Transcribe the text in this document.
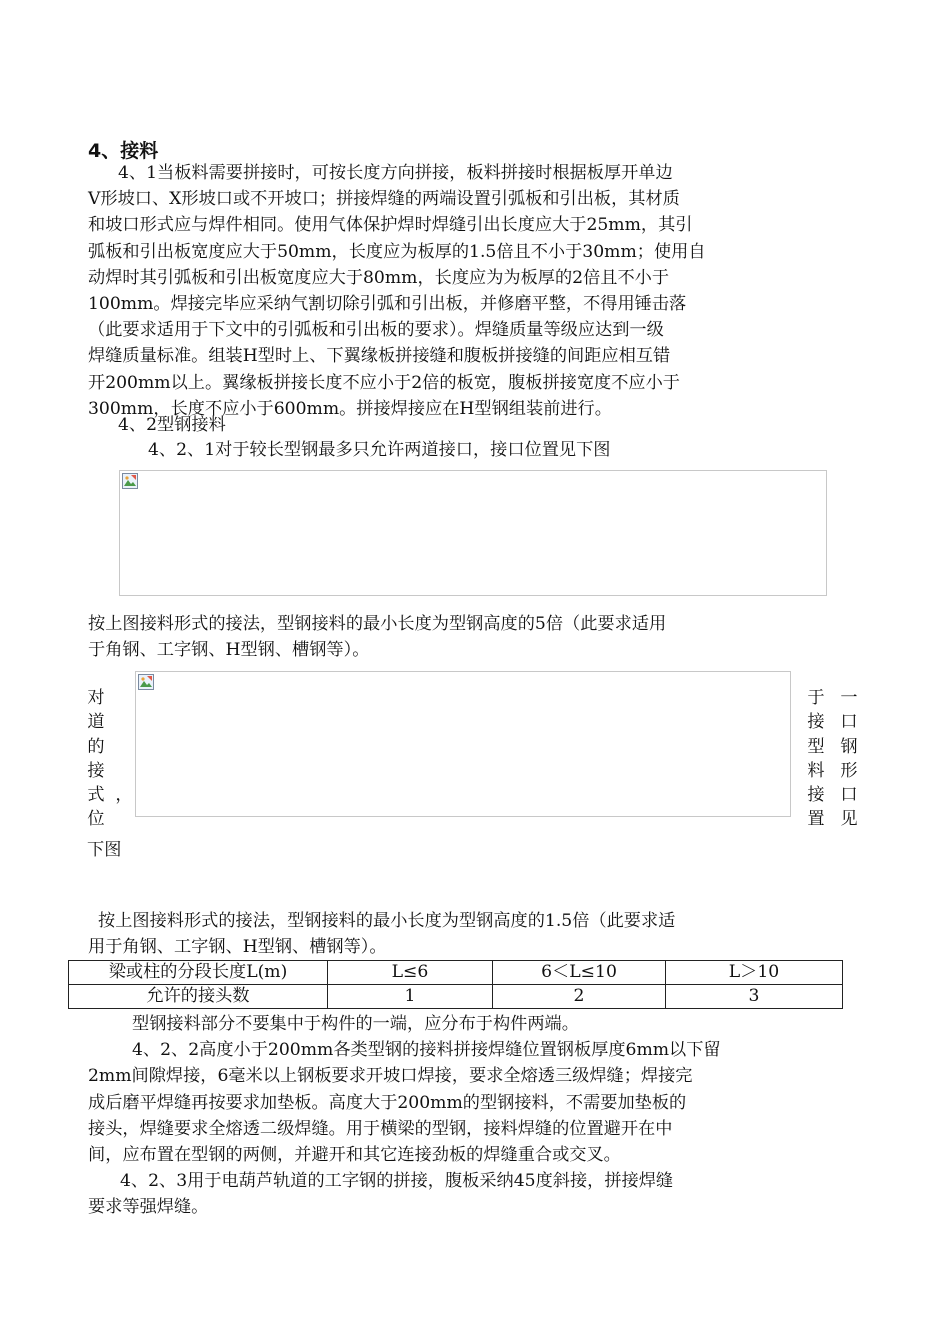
4、接料
4、1当板料需要拼接时，可按长度方向拼接，板料拼接时根据板厚开单边
V形坡口、X形坡口或不开坡口；拼接焊缝的两端设置引弧板和引出板，其材质
和坡口形式应与焊件相同。使用气体保护焊时焊缝引出长度应大于25mm，其引
弧板和引出板宽度应大于50mm，长度应为板厚的1.5倍且不小于30mm；使用自
动焊时其引弧板和引出板宽度应大于80mm，长度应为为板厚的2倍且不小于
100mm。焊接完毕应采纳气割切除引弧和引出板，并修磨平整，不得用锤击落
（此要求适用于下文中的引弧板和引出板的要求）。焊缝质量等级应达到一级
焊缝质量标准。组装H型时上、下翼缘板拼接缝和腹板拼接缝的间距应相互错
开200mm以上。翼缘板拼接长度不应小于2倍的板宽，腹板拼接宽度不应小于
300mm，长度不应小于600mm。拼接焊接应在H型钢组装前进行。
4、2型钢接料
4、2、1对于较长型钢最多只允许两道接口，接口位置见下图
按上图接料形式的接法，型钢接料的最小长度为型钢高度的5倍（此要求适用
于角钢、工字钢、H型钢、槽钢等）。
对
道
的
接
式
位

，

下图
于
接
型
料
接
置
一
口
钢
形
口
见
按上图接料形式的接法，型钢接料的最小长度为型钢高度的1.5倍（此要求适
用于角钢、工字钢、H型钢、槽钢等）。
梁或柱的分段长度L(m)	L≤6	6＜L≤10	L＞10
允许的接头数	1	2	3
型钢接料部分不要集中于构件的一端，应分布于构件两端。
4、2、2高度小于200mm各类型钢的接料拼接焊缝位置钢板厚度6mm以下留
2mm间隙焊接，6毫米以上钢板要求开坡口焊接，要求全熔透三级焊缝；焊接完
成后磨平焊缝再按要求加垫板。高度大于200mm的型钢接料，不需要加垫板的
接头，焊缝要求全熔透二级焊缝。用于横梁的型钢，接料焊缝的位置避开在中
间，应布置在型钢的两侧，并避开和其它连接劲板的焊缝重合或交叉。
4、2、3用于电葫芦轨道的工字钢的拼接，腹板采纳45度斜接，拼接焊缝
要求等强焊缝。
